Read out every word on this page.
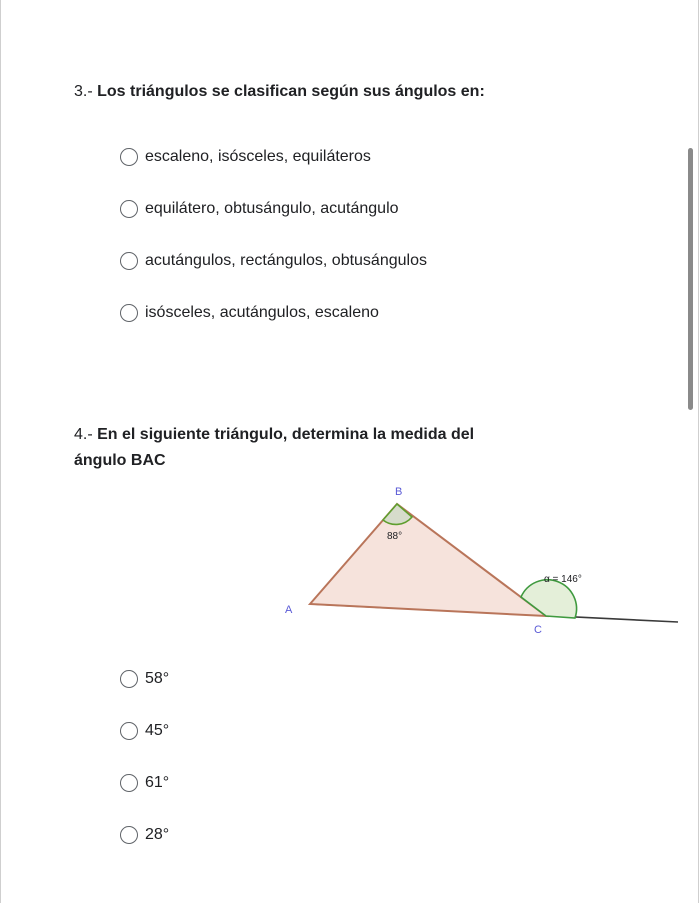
3.- Los triángulos se clasifican según sus ángulos en:
escaleno, isósceles, equiláteros
equilátero, obtusángulo, acutángulo
acutángulos, rectángulos, obtusángulos
isósceles, acutángulos, escaleno
4.- En el siguiente triángulo, determina la medida del ángulo BAC
B
A
C
88°
α = 146°
58°
45°
61°
28°
